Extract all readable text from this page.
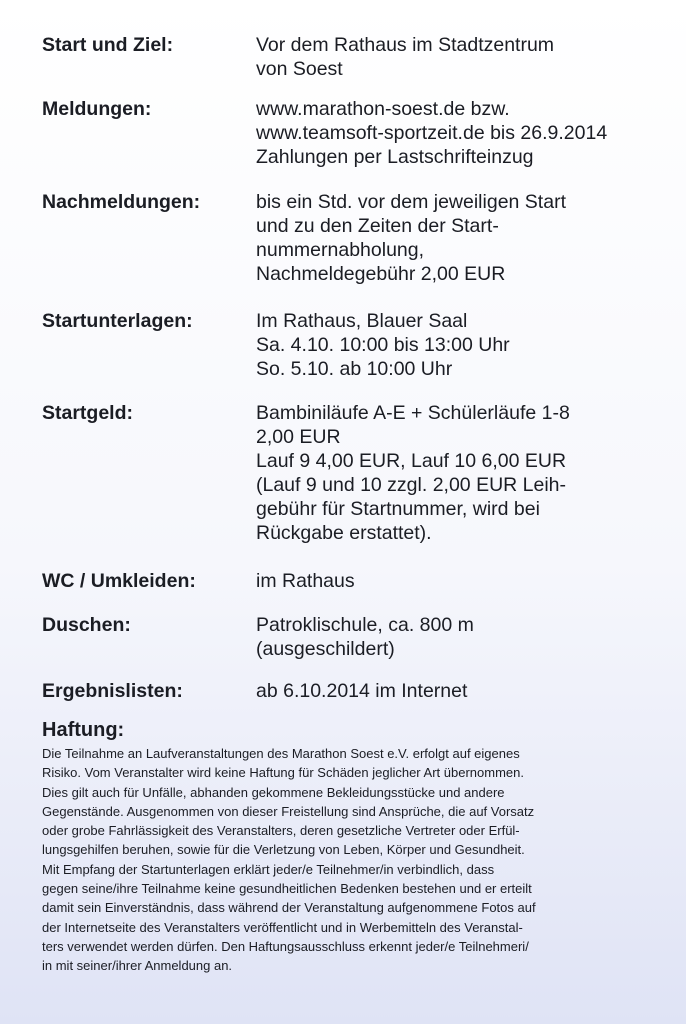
Start und Ziel:	Vor dem Rathaus im Stadtzentrum
von Soest
Meldungen:	www.marathon-soest.de bzw.
www.teamsoft-sportzeit.de bis 26.9.2014
Zahlungen per Lastschrifteinzug
Nachmeldungen:	bis ein Std. vor dem jeweiligen Start
und zu den Zeiten der Start-
nummernabholung,
Nachmeldegebühr 2,00 EUR
Startunterlagen:	Im Rathaus, Blauer Saal
Sa. 4.10. 10:00 bis 13:00 Uhr
So. 5.10. ab 10:00 Uhr
Startgeld:	Bambiniläufe A-E + Schülerläufe 1-8
2,00 EUR
Lauf 9 4,00 EUR, Lauf 10 6,00 EUR
(Lauf 9 und 10 zzgl. 2,00 EUR Leih-
gebühr für Startnummer, wird bei
Rückgabe erstattet).
WC / Umkleiden:	im Rathaus
Duschen:	Patroklischule, ca. 800 m
(ausgeschildert)
Ergebnislisten:	ab 6.10.2014 im Internet
Haftung:
Die Teilnahme an Laufveranstaltungen des Marathon Soest e.V. erfolgt auf eigenes
Risiko. Vom Veranstalter wird keine Haftung für Schäden jeglicher Art übernommen.
Dies gilt auch für Unfälle, abhanden gekommene Bekleidungsstücke und andere
Gegenstände. Ausgenommen von dieser Freistellung sind Ansprüche, die auf Vorsatz
oder grobe Fahrlässigkeit des Veranstalters, deren gesetzliche Vertreter oder Erfül-
lungsgehilfen beruhen, sowie für die Verletzung von Leben, Körper und Gesundheit.
Mit Empfang der Startunterlagen erklärt jeder/e Teilnehmer/in verbindlich, dass
gegen seine/ihre Teilnahme keine gesundheitlichen Bedenken bestehen und er erteilt
damit sein Einverständnis, dass während der Veranstaltung aufgenommene Fotos auf
der Internetseite des Veranstalters veröffentlicht und in Werbemitteln des Veranstal-
ters verwendet werden dürfen. Den Haftungsausschluss erkennt jeder/e Teilnehmeri/
in mit seiner/ihrer Anmeldung an.
